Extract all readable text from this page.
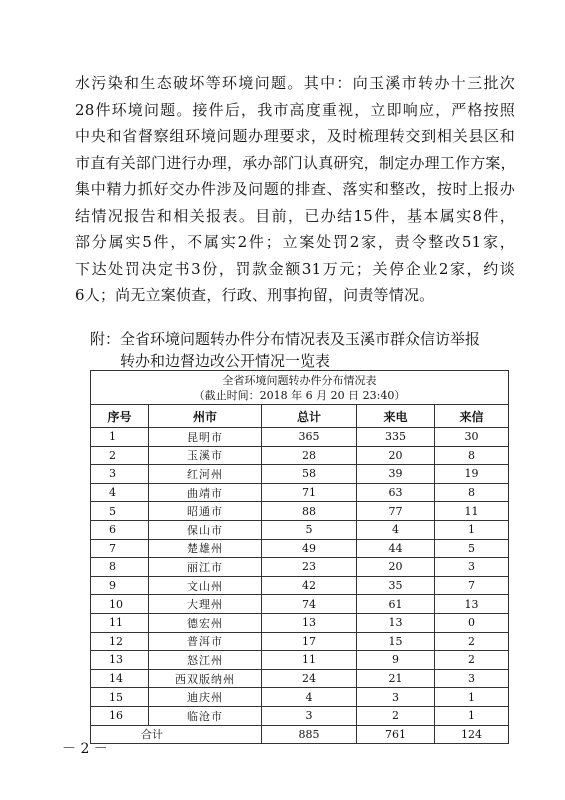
水污染和生态破坏等环境问题。其中：向玉溪市转办十三批次
28件环境问题。接件后，我市高度重视，立即响应，严格按照
中央和省督察组环境问题办理要求，及时梳理转交到相关县区和
市直有关部门进行办理，承办部门认真研究，制定办理工作方案，
集中精力抓好交办件涉及问题的排查、落实和整改，按时上报办
结情况报告和相关报表。目前，已办结15件，基本属实8件，
部分属实5件，不属实2件；立案处罚2家，责令整改51家，
下达处罚决定书3份，罚款金额31万元；关停企业2家，约谈
6人；尚无立案侦查，行政、刑事拘留，问责等情况。
附：全省环境问题转办件分布情况表及玉溪市群众信访举报
转办和边督边改公开情况一览表
全省环境问题转办件分布情况表
（截止时间：2018 年 6 月 20 日 23:40）				

序号	州市	总计	来电	来信
1	昆明市	365	335	30
2	玉溪市	28	20	8
3	红河州	58	39	19
4	曲靖市	71	63	8
5	昭通市	88	77	11
6	保山市	5	4	1
7	楚雄州	49	44	5
8	丽江市	23	20	3
9	文山州	42	35	7
10	大理州	74	61	13
11	德宏州	13	13	0
12	普洱市	17	15	2
13	怒江州	11	9	2
14	西双版纳州	24	21	3
15	迪庆州	4	3	1
16	临沧市	3	2	1
合计		885	761	124
－ 2 －
